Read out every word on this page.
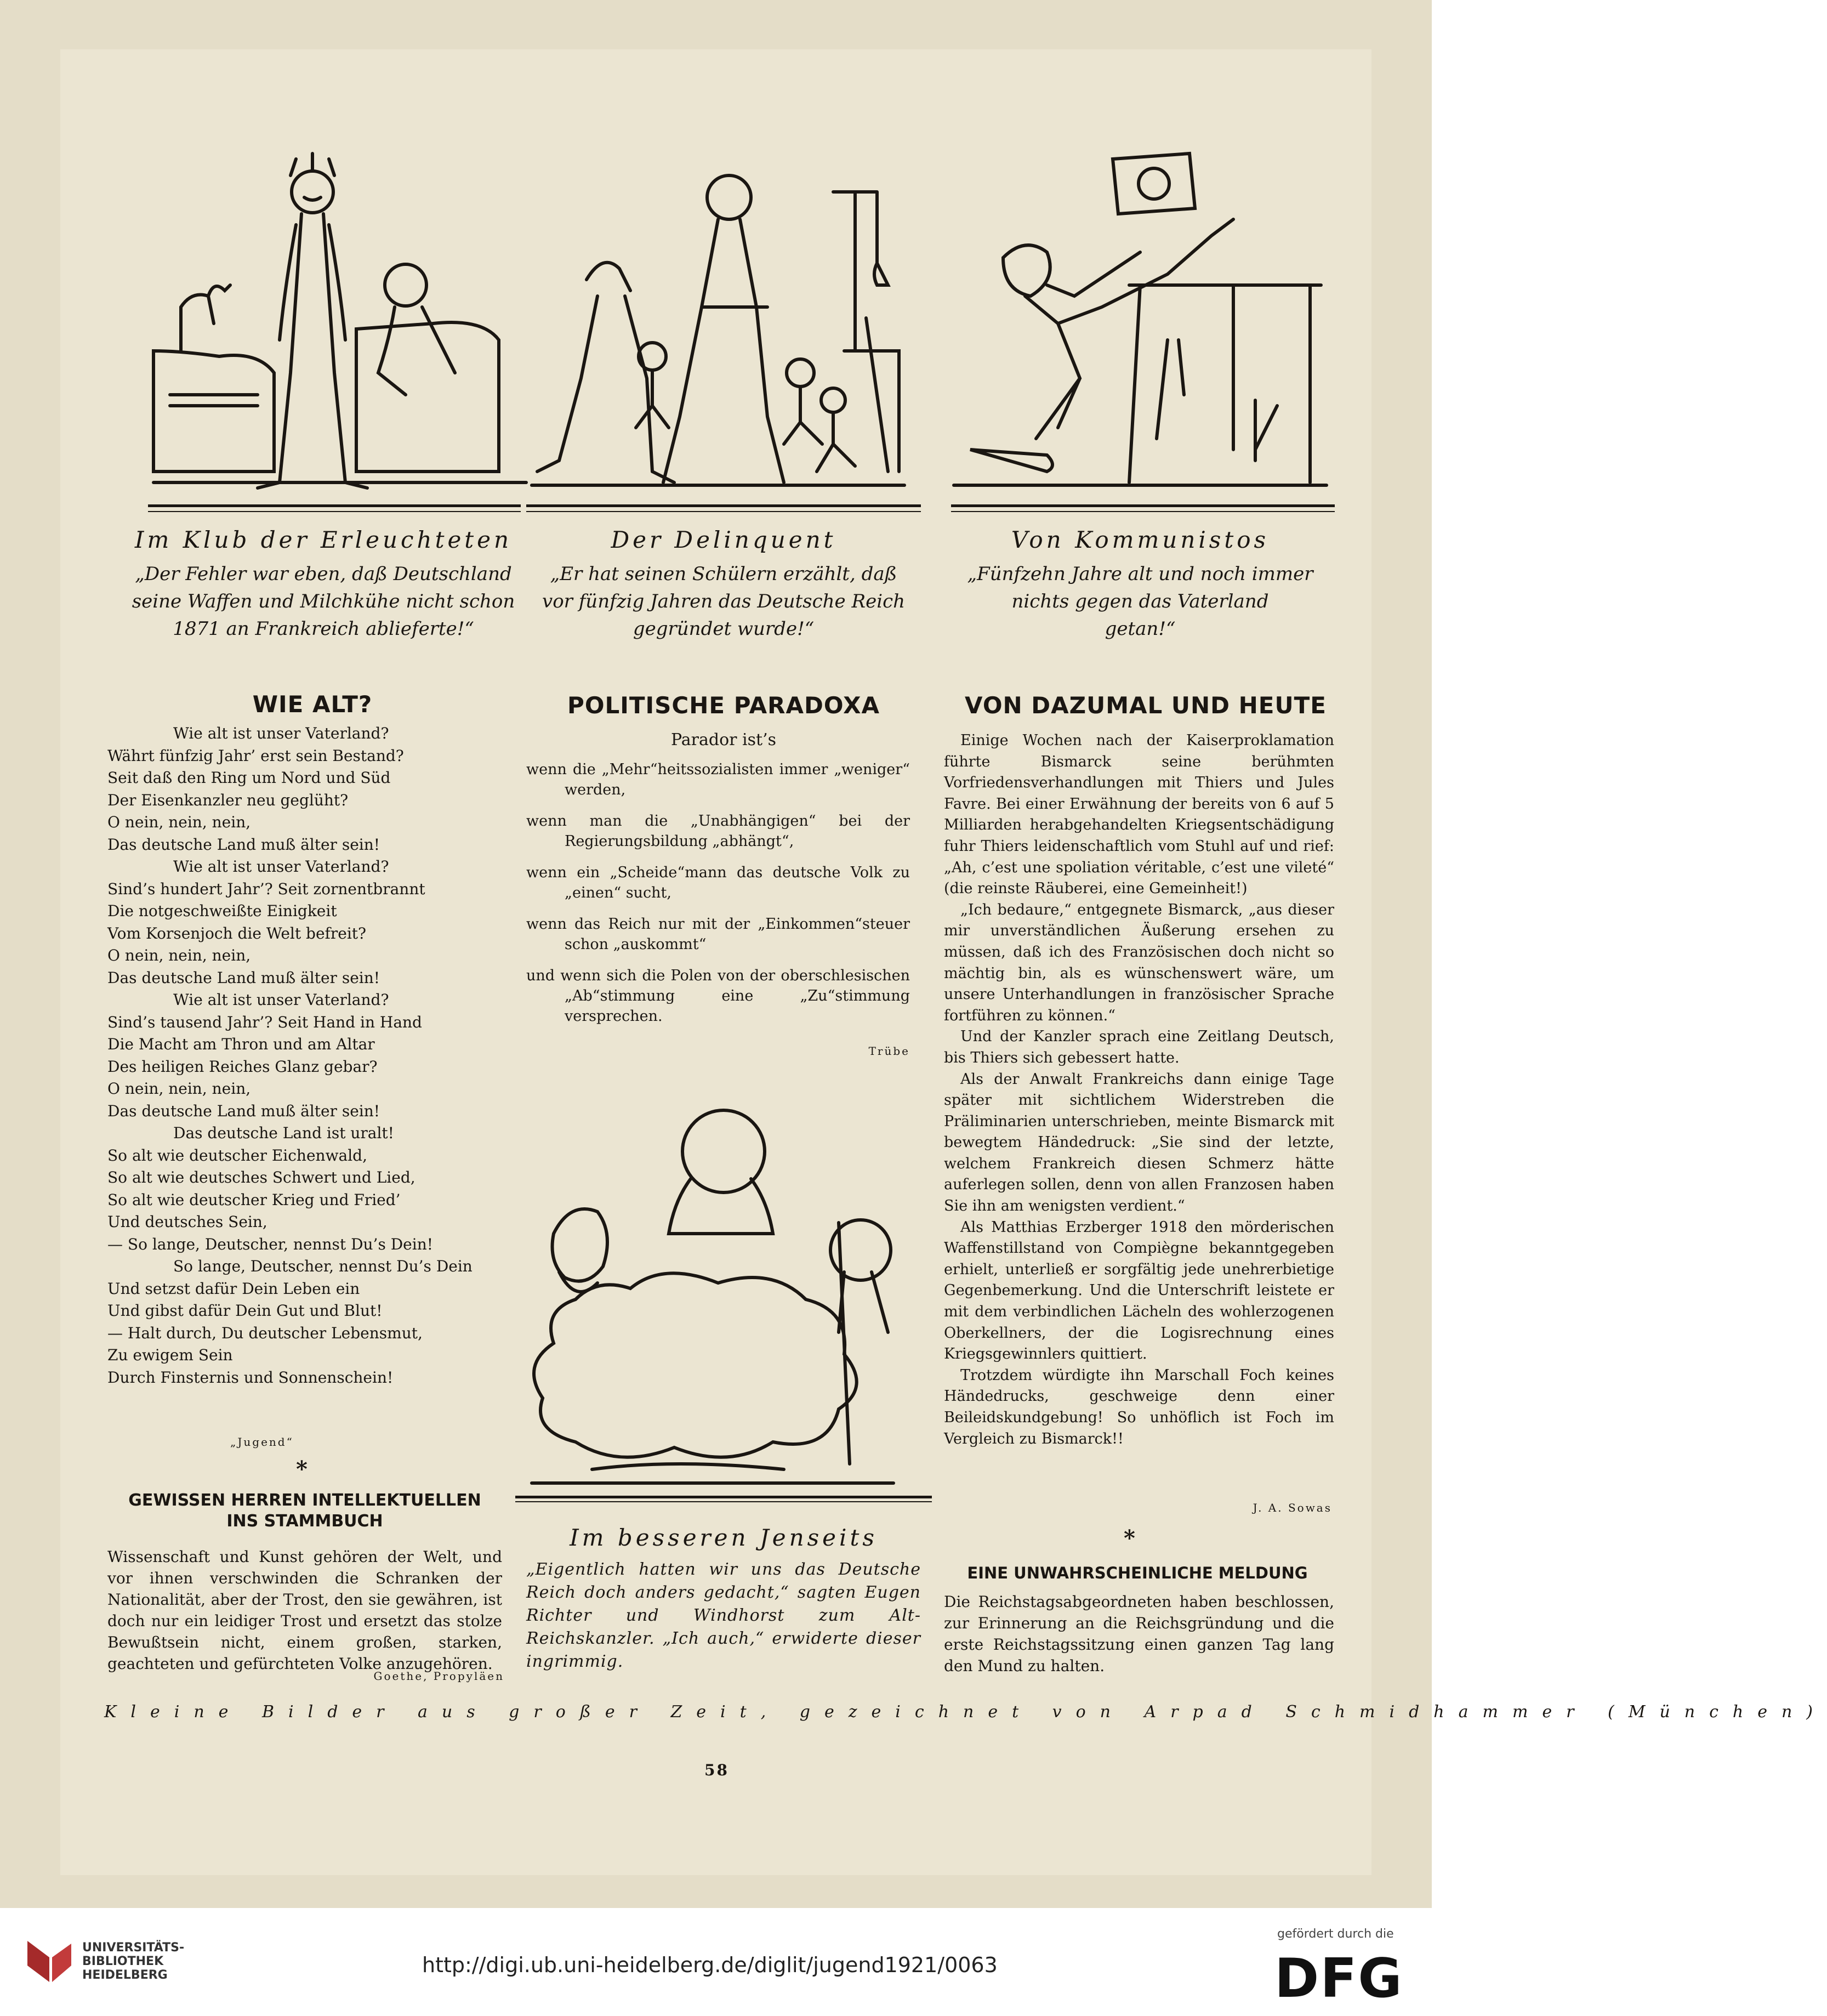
Im Klub der Erleuchteten
„Der Fehler war eben, daß Deutschland
seine Waffen und Milchkühe nicht schon
1871 an Frankreich ablieferte!“
Der Delinquent
„Er hat seinen Schülern erzählt, daß
vor fünfzig Jahren das Deutsche Reich
gegründet wurde!“
Von Kommunistos
„Fünfzehn Jahre alt und noch immer
nichts gegen das Vaterland
getan!“
WIE ALT?
Wie alt ist unser Vaterland?
Währt fünfzig Jahr’ erst sein Bestand?
Seit daß den Ring um Nord und Süd
Der Eisenkanzler neu geglüht?
O nein, nein, nein,
Das deutsche Land muß älter sein!
Wie alt ist unser Vaterland?
Sind’s hundert Jahr’? Seit zornentbrannt
Die notgeschweißte Einigkeit
Vom Korsenjoch die Welt befreit?
O nein, nein, nein,
Das deutsche Land muß älter sein!
Wie alt ist unser Vaterland?
Sind’s tausend Jahr’? Seit Hand in Hand
Die Macht am Thron und am Altar
Des heiligen Reiches Glanz gebar?
O nein, nein, nein,
Das deutsche Land muß älter sein!
Das deutsche Land ist uralt!
So alt wie deutscher Eichenwald,
So alt wie deutsches Schwert und Lied,
So alt wie deutscher Krieg und Fried’
Und deutsches Sein,
— So lange, Deutscher, nennst Du’s Dein!
So lange, Deutscher, nennst Du’s Dein
Und setzst dafür Dein Leben ein
Und gibst dafür Dein Gut und Blut!
— Halt durch, Du deutscher Lebensmut,
Zu ewigem Sein
Durch Finsternis und Sonnenschein!
„Jugend“
*
GEWISSEN HERREN INTELLEKTUELLEN
INS STAMMBUCH
Wissenschaft und Kunst gehören der Welt, und vor ihnen verschwinden die Schranken der Nationalität, aber der Trost, den sie gewähren, ist doch nur ein leidiger Trost und ersetzt das stolze Bewußtsein nicht, einem großen, starken, geachteten und gefürchteten Volke anzugehören.
Goethe, Propyläen
POLITISCHE PARADOXA
Parador ist’s
wenn die „Mehr“heitssozialisten immer „weniger“ werden,
wenn man die „Unabhängigen“ bei der Regierungsbildung „abhängt“,
wenn ein „Scheide“mann das deutsche Volk zu „einen“ sucht,
wenn das Reich nur mit der „Einkommen“steuer schon „auskommt“
und wenn sich die Polen von der oberschlesischen „Ab“stimmung eine „Zu“stimmung versprechen.
Trübe
Im besseren Jenseits
„Eigentlich hatten wir uns das Deutsche Reich doch anders gedacht,“ sagten Eugen Richter und Windhorst zum Alt-Reichskanzler. „Ich auch,“ erwiderte dieser ingrimmig.
VON DAZUMAL UND HEUTE
Einige Wochen nach der Kaiserproklamation führte Bismarck seine berühmten Vorfriedensverhandlungen mit Thiers und Jules Favre. Bei einer Erwähnung der bereits von 6 auf 5 Milliarden herabgehandelten Kriegsentschädigung fuhr Thiers leidenschaftlich vom Stuhl auf und rief: „Ah, c’est une spoliation véritable, c’est une vileté“ (die reinste Räuberei, eine Gemeinheit!)
„Ich bedaure,“ entgegnete Bismarck, „aus dieser mir unverständlichen Äußerung ersehen zu müssen, daß ich des Französischen doch nicht so mächtig bin, als es wünschenswert wäre, um unsere Unterhandlungen in französischer Sprache fortführen zu können.“
Und der Kanzler sprach eine Zeitlang Deutsch, bis Thiers sich gebessert hatte.
Als der Anwalt Frankreichs dann einige Tage später mit sichtlichem Widerstreben die Präliminarien unterschrieben, meinte Bismarck mit bewegtem Händedruck: „Sie sind der letzte, welchem Frankreich diesen Schmerz hätte auferlegen sollen, denn von allen Franzosen haben Sie ihn am wenigsten verdient.“
Als Matthias Erzberger 1918 den mörderischen Waffenstillstand von Compiègne bekanntgegeben erhielt, unterließ er sorgfältig jede unehrerbietige Gegenbemerkung. Und die Unterschrift leistete er mit dem verbindlichen Lächeln des wohlerzogenen Oberkellners, der die Logisrechnung eines Kriegsgewinnlers quittiert.
Trotzdem würdigte ihn Marschall Foch keines Händedrucks, geschweige denn einer Beileidskundgebung! So unhöflich ist Foch im Vergleich zu Bismarck!!
J. A. Sowas
*
EINE UNWAHRSCHEINLICHE MELDUNG
Die Reichstagsabgeordneten haben beschlossen, zur Erinnerung an die Reichsgründung und die erste Reichstagssitzung einen ganzen Tag lang den Mund zu halten.
Kleine Bilder aus großer Zeit, gezeichnet von Arpad Schmidhammer (München)
58
UNIVERSITÄTS-
BIBLIOTHEK
HEIDELBERG	http://digi.ub.uni-heidelberg.de/diglit/jugend1921/0063
gefördert durch die
DFG
